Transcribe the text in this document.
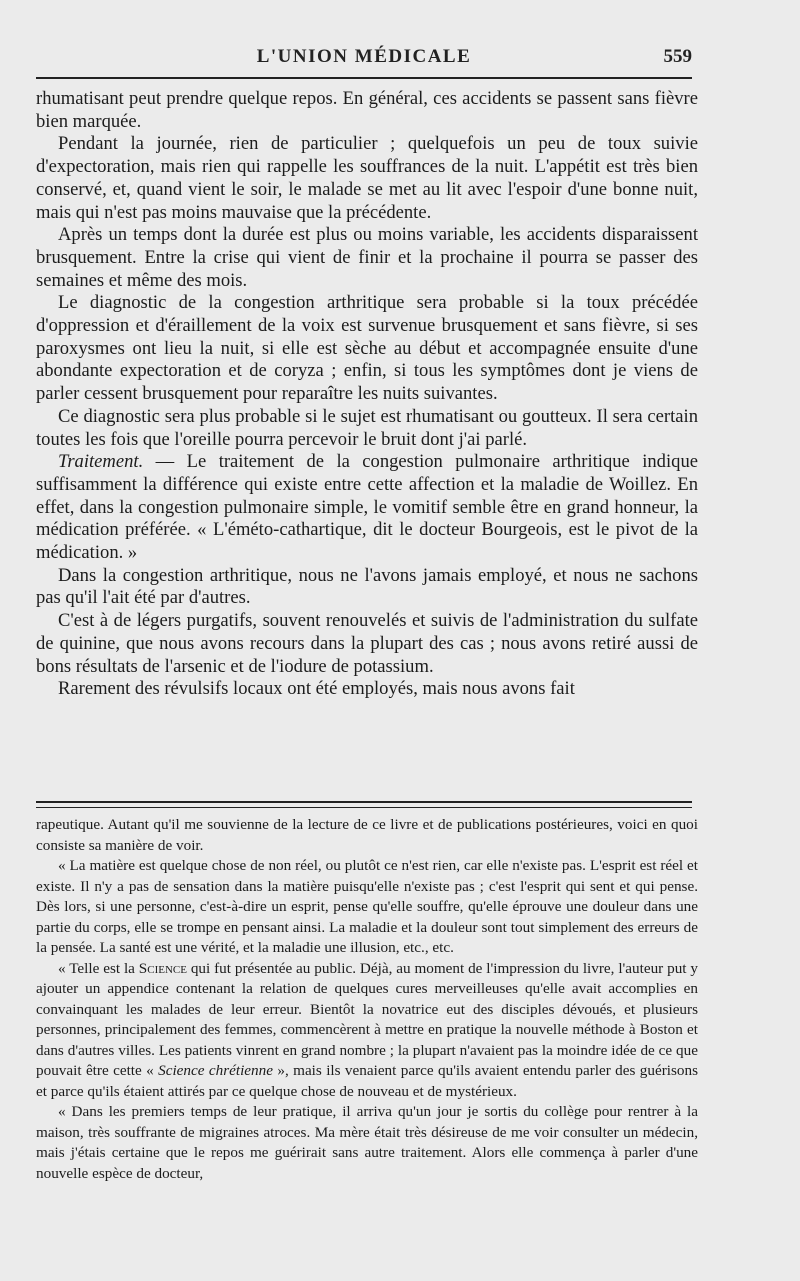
L'UNION MÉDICALE	559

rhumatisant peut prendre quelque repos. En général, ces accidents se passent sans fièvre bien marquée.

Pendant la journée, rien de particulier ; quelquefois un peu de toux suivie d'expectoration, mais rien qui rappelle les souffrances de la nuit. L'appétit est très bien conservé, et, quand vient le soir, le malade se met au lit avec l'espoir d'une bonne nuit, mais qui n'est pas moins mauvaise que la précédente.

Après un temps dont la durée est plus ou moins variable, les accidents disparaissent brusquement. Entre la crise qui vient de finir et la prochaine il pourra se passer des semaines et même des mois.

Le diagnostic de la congestion arthritique sera probable si la toux précédée d'oppression et d'éraillement de la voix est survenue brusquement et sans fièvre, si ses paroxysmes ont lieu la nuit, si elle est sèche au début et accompagnée ensuite d'une abondante expectoration et de coryza ; enfin, si tous les symptômes dont je viens de parler cessent brusquement pour reparaître les nuits suivantes.

Ce diagnostic sera plus probable si le sujet est rhumatisant ou goutteux. Il sera certain toutes les fois que l'oreille pourra percevoir le bruit dont j'ai parlé.

Traitement. — Le traitement de la congestion pulmonaire arthritique indique suffisamment la différence qui existe entre cette affection et la maladie de Woillez. En effet, dans la congestion pulmonaire simple, le vomitif semble être en grand honneur, la médication préférée. « L'éméto-cathartique, dit le docteur Bourgeois, est le pivot de la médication. »

Dans la congestion arthritique, nous ne l'avons jamais employé, et nous ne sachons pas qu'il l'ait été par d'autres.

C'est à de légers purgatifs, souvent renouvelés et suivis de l'administration du sulfate de quinine, que nous avons recours dans la plupart des cas ; nous avons retiré aussi de bons résultats de l'arsenic et de l'iodure de potassium.

Rarement des révulsifs locaux ont été employés, mais nous avons fait

rapeutique. Autant qu'il me souvienne de la lecture de ce livre et de publications postérieures, voici en quoi consiste sa manière de voir.

« La matière est quelque chose de non réel, ou plutôt ce n'est rien, car elle n'existe pas. L'esprit est réel et existe. Il n'y a pas de sensation dans la matière puisqu'elle n'existe pas ; c'est l'esprit qui sent et qui pense. Dès lors, si une personne, c'est-à-dire un esprit, pense qu'elle souffre, qu'elle éprouve une douleur dans une partie du corps, elle se trompe en pensant ainsi. La maladie et la douleur sont tout simplement des erreurs de la pensée. La santé est une vérité, et la maladie une illusion, etc., etc.

« Telle est la Science qui fut présentée au public. Déjà, au moment de l'impression du livre, l'auteur put y ajouter un appendice contenant la relation de quelques cures merveilleuses qu'elle avait accomplies en convainquant les malades de leur erreur. Bientôt la novatrice eut des disciples dévoués, et plusieurs personnes, principalement des femmes, commencèrent à mettre en pratique la nouvelle méthode à Boston et dans d'autres villes. Les patients vinrent en grand nombre ; la plupart n'avaient pas la moindre idée de ce que pouvait être cette « Science chrétienne », mais ils venaient parce qu'ils avaient entendu parler des guérisons et parce qu'ils étaient attirés par ce quelque chose de nouveau et de mystérieux.

« Dans les premiers temps de leur pratique, il arriva qu'un jour je sortis du collège pour rentrer à la maison, très souffrante de migraines atroces. Ma mère était très désireuse de me voir consulter un médecin, mais j'étais certaine que le repos me guérirait sans autre traitement. Alors elle commença à parler d'une nouvelle espèce de docteur,
